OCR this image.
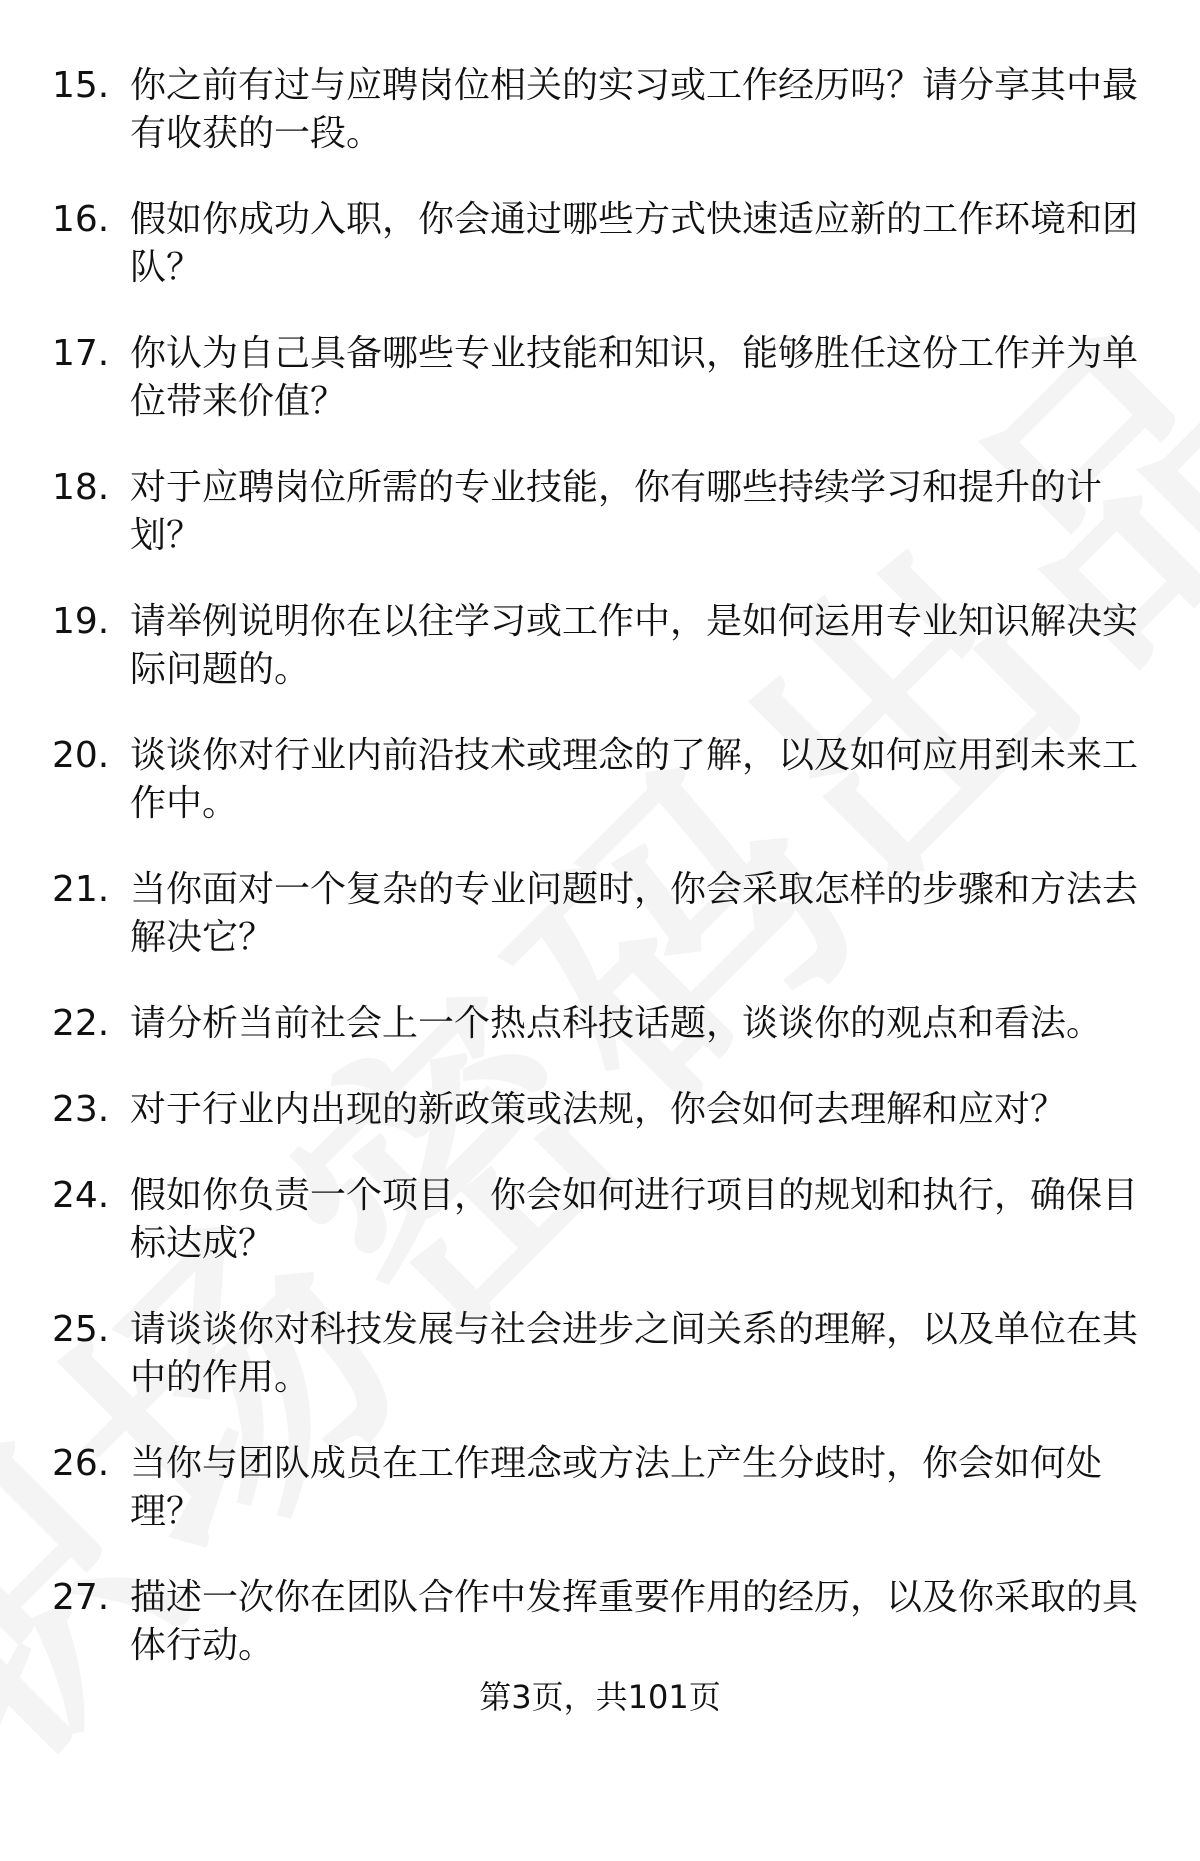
15. 你之前有过与应聘岗位相关的实习或工作经历吗？请分享其中最有收获的一段。
16. 假如你成功入职，你会通过哪些方式快速适应新的工作环境和团队？
17. 你认为自己具备哪些专业技能和知识，能够胜任这份工作并为单位带来价值？
18. 对于应聘岗位所需的专业技能，你有哪些持续学习和提升的计划？
19. 请举例说明你在以往学习或工作中，是如何运用专业知识解决实际问题的。
20. 谈谈你对行业内前沿技术或理念的了解，以及如何应用到未来工作中。
21. 当你面对一个复杂的专业问题时，你会采取怎样的步骤和方法去解决它？
22. 请分析当前社会上一个热点科技话题，谈谈你的观点和看法。
23. 对于行业内出现的新政策或法规，你会如何去理解和应对？
24. 假如你负责一个项目，你会如何进行项目的规划和执行，确保目标达成？
25. 请谈谈你对科技发展与社会进步之间关系的理解，以及单位在其中的作用。
26. 当你与团队成员在工作理念或方法上产生分歧时，你会如何处理？
27. 描述一次你在团队合作中发挥重要作用的经历，以及你采取的具体行动。
第3页，共101页
